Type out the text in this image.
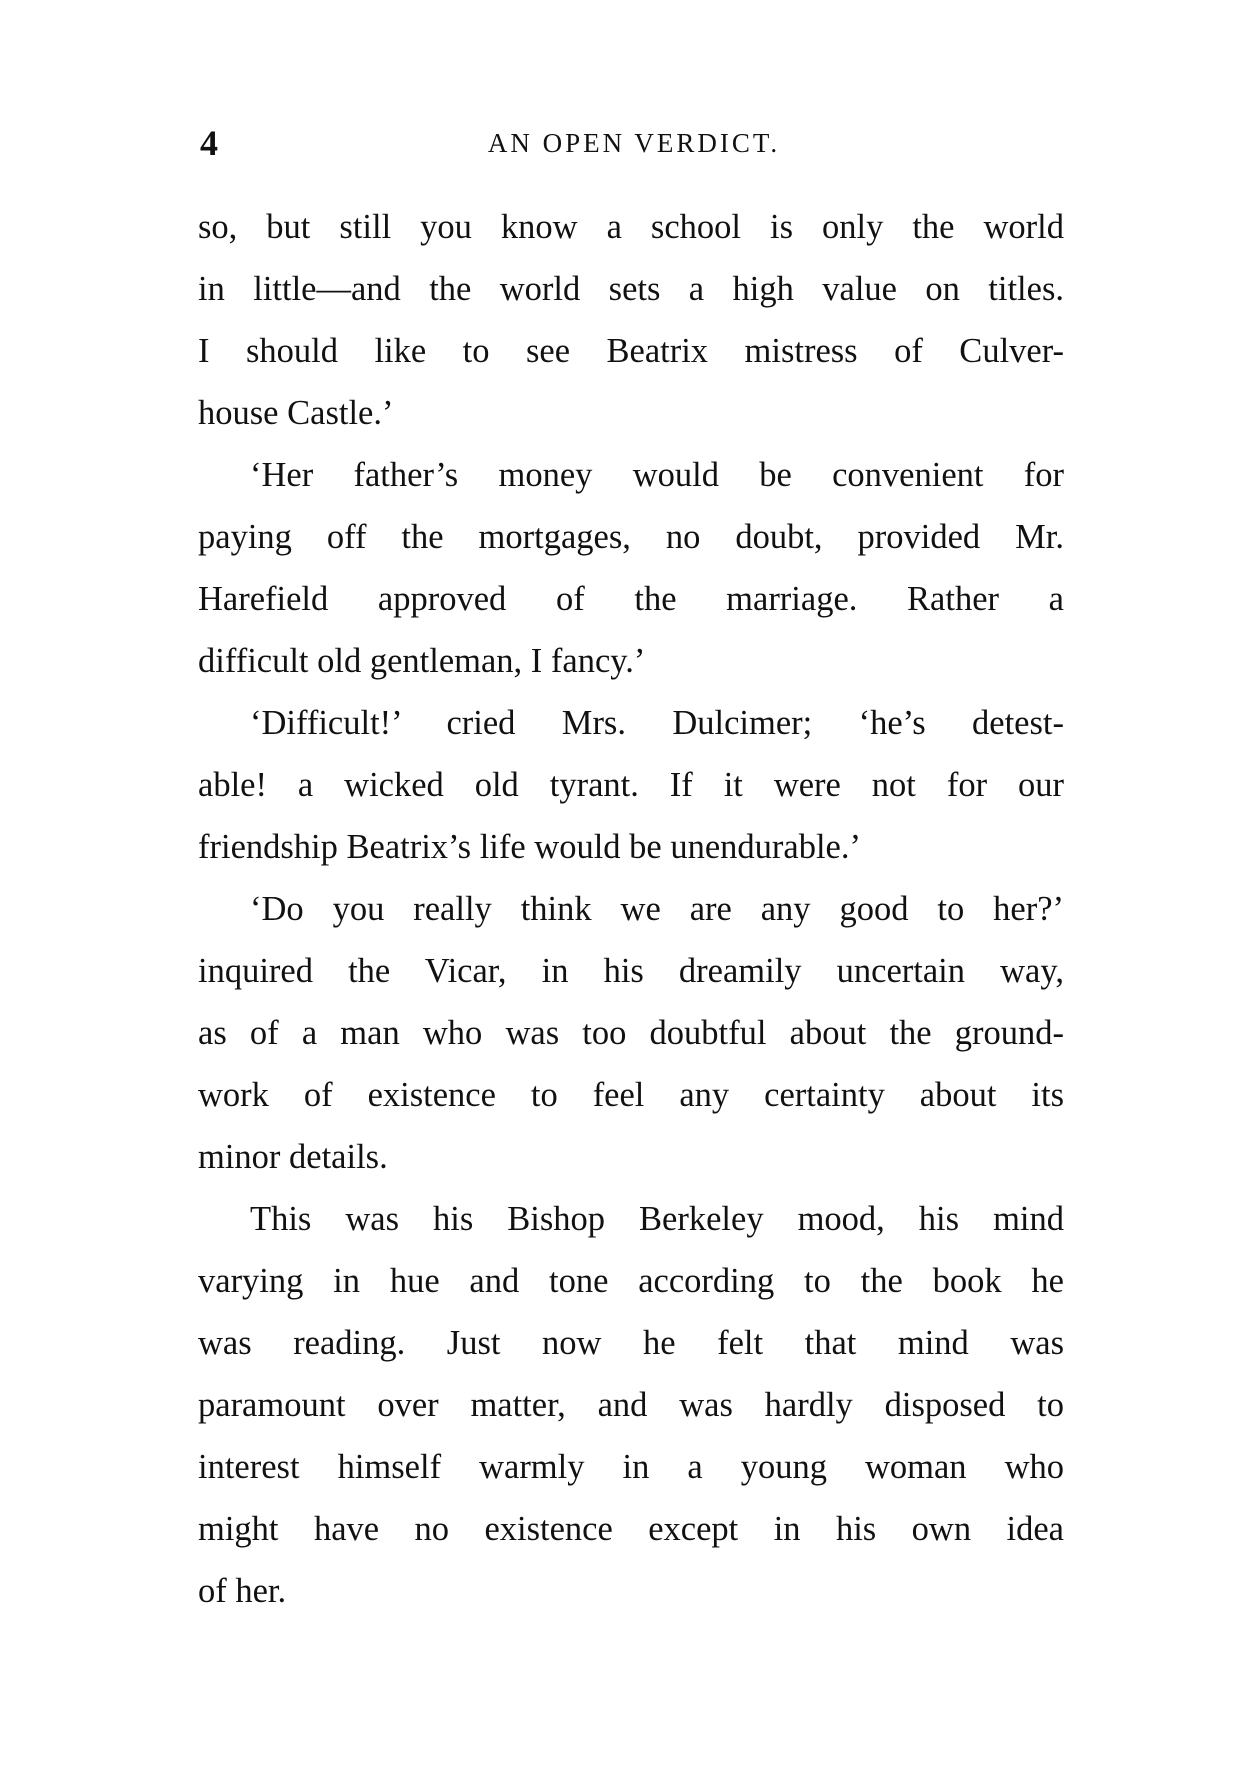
4	AN OPEN VERDICT.
so, but still you know a school is only the world
in little—and the world sets a high value on titles.
I should like to see Beatrix mistress of Culver-
house Castle.’
‘Her father’s money would be convenient for
paying off the mortgages, no doubt, provided Mr.
Harefield approved of the marriage. Rather a
difficult old gentleman, I fancy.’
‘Difficult!’ cried Mrs. Dulcimer; ‘he’s detest-
able! a wicked old tyrant. If it were not for our
friendship Beatrix’s life would be unendurable.’
‘Do you really think we are any good to her?’
inquired the Vicar, in his dreamily uncertain way,
as of a man who was too doubtful about the ground-
work of existence to feel any certainty about its
minor details.
This was his Bishop Berkeley mood, his mind
varying in hue and tone according to the book he
was reading. Just now he felt that mind was
paramount over matter, and was hardly disposed to
interest himself warmly in a young woman who
might have no existence except in his own idea
of her.
